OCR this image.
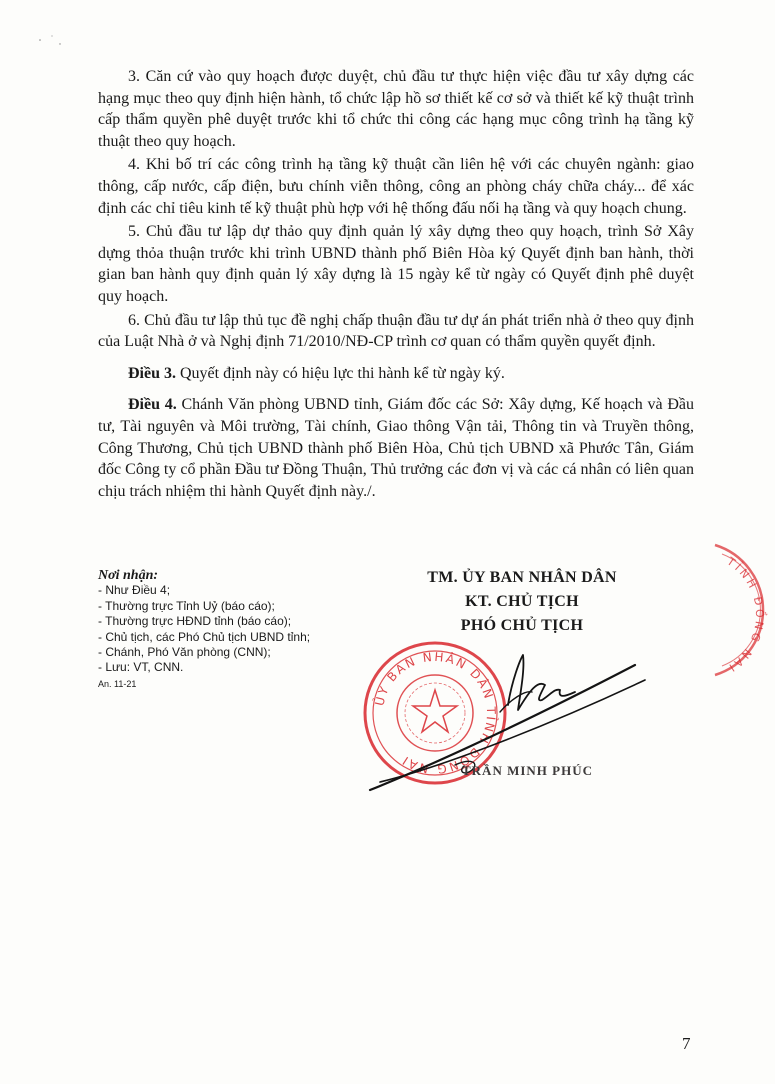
3. Căn cứ vào quy hoạch được duyệt, chủ đầu tư thực hiện việc đầu tư xây dựng các hạng mục theo quy định hiện hành, tổ chức lập hồ sơ thiết kế cơ sở và thiết kế kỹ thuật trình cấp thẩm quyền phê duyệt trước khi tổ chức thi công các hạng mục công trình hạ tầng kỹ thuật theo quy hoạch.

4. Khi bố trí các công trình hạ tầng kỹ thuật cần liên hệ với các chuyên ngành: giao thông, cấp nước, cấp điện, bưu chính viễn thông, công an phòng cháy chữa cháy... để xác định các chỉ tiêu kinh tế kỹ thuật phù hợp với hệ thống đấu nối hạ tầng và quy hoạch chung.

5. Chủ đầu tư lập dự thảo quy định quản lý xây dựng theo quy hoạch, trình Sở Xây dựng thỏa thuận trước khi trình UBND thành phố Biên Hòa ký Quyết định ban hành, thời gian ban hành quy định quản lý xây dựng là 15 ngày kể từ ngày có Quyết định phê duyệt quy hoạch.

6. Chủ đầu tư lập thủ tục đề nghị chấp thuận đầu tư dự án phát triển nhà ở theo quy định của Luật Nhà ở và Nghị định 71/2010/NĐ-CP trình cơ quan có thẩm quyền quyết định.

Điều 3. Quyết định này có hiệu lực thi hành kể từ ngày ký.

Điều 4. Chánh Văn phòng UBND tỉnh, Giám đốc các Sở: Xây dựng, Kế hoạch và Đầu tư, Tài nguyên và Môi trường, Tài chính, Giao thông Vận tải, Thông tin và Truyền thông, Công Thương, Chủ tịch UBND thành phố Biên Hòa, Chủ tịch UBND xã Phước Tân, Giám đốc Công ty cổ phần Đầu tư Đồng Thuận, Thủ trưởng các đơn vị và các cá nhân có liên quan chịu trách nhiệm thi hành Quyết định này./.

Nơi nhận:
- Như Điều 4;
- Thường trực Tỉnh Uỷ (báo cáo);
- Thường trực HĐND tỉnh (báo cáo);
- Chủ tịch, các Phó Chủ tịch UBND tỉnh;
- Chánh, Phó Văn phòng (CNN);
- Lưu: VT, CNN.
An. 11-21
TM. ỦY BAN NHÂN DÂN
KT. CHỦ TỊCH
PHÓ CHỦ TỊCH
ỦY BAN NHÂN DÂN TỈNH ĐỒNG NAI
TRẦN MINH PHÚC
TỈNH ĐỒNG NAI
7
